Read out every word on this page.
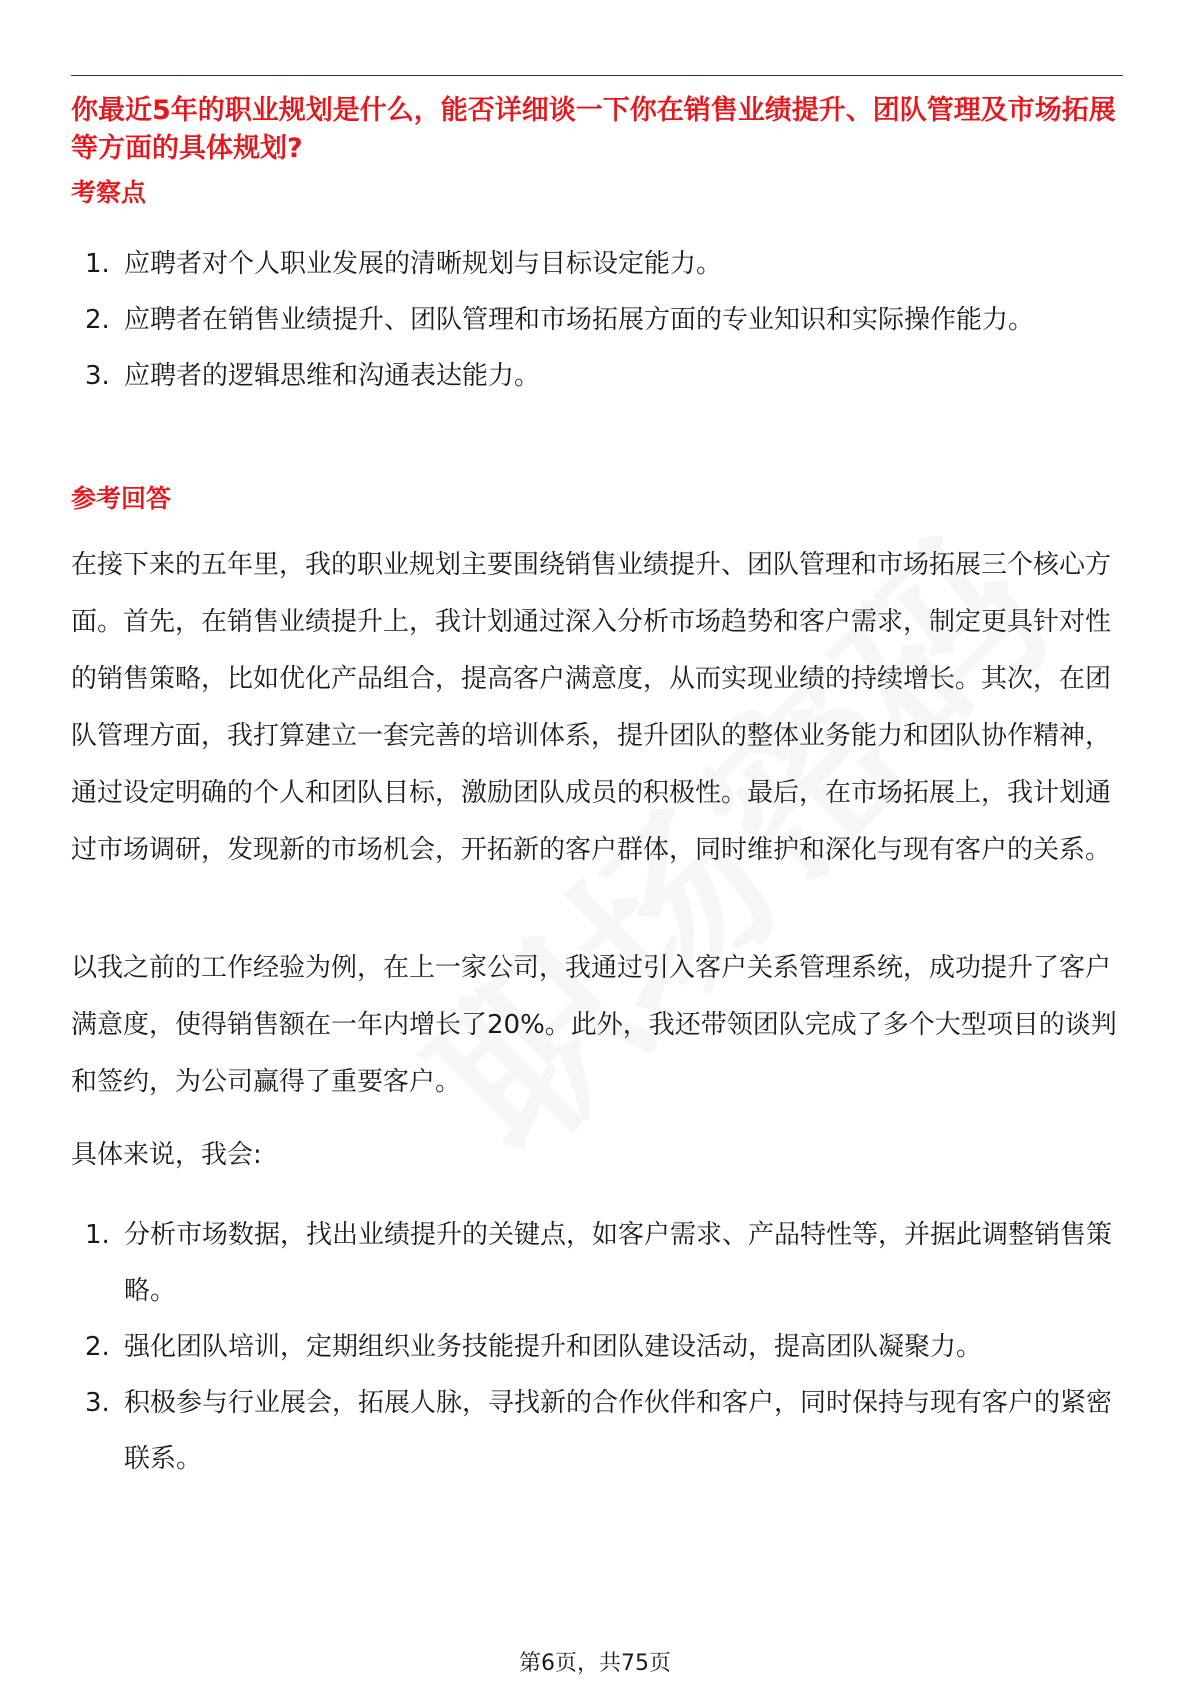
你最近5年的职业规划是什么，能否详细谈一下你在销售业绩提升、团队管理及市场拓展等方面的具体规划?
考察点
1. 应聘者对个人职业发展的清晰规划与目标设定能力。
2. 应聘者在销售业绩提升、团队管理和市场拓展方面的专业知识和实际操作能力。
3. 应聘者的逻辑思维和沟通表达能力。
参考回答

在接下来的五年里，我的职业规划主要围绕销售业绩提升、团队管理和市场拓展三个核心方面。首先，在销售业绩提升上，我计划通过深入分析市场趋势和客户需求，制定更具针对性的销售策略，比如优化产品组合，提高客户满意度，从而实现业绩的持续增长。其次，在团队管理方面，我打算建立一套完善的培训体系，提升团队的整体业务能力和团队协作精神，通过设定明确的个人和团队目标，激励团队成员的积极性。最后，在市场拓展上，我计划通过市场调研，发现新的市场机会，开拓新的客户群体，同时维护和深化与现有客户的关系。

以我之前的工作经验为例，在上一家公司，我通过引入客户关系管理系统，成功提升了客户满意度，使得销售额在一年内增长了20%。此外，我还带领团队完成了多个大型项目的谈判和签约，为公司赢得了重要客户。

具体来说，我会:

1. 分析市场数据，找出业绩提升的关键点，如客户需求、产品特性等，并据此调整销售策略。
2. 强化团队培训，定期组织业务技能提升和团队建设活动，提高团队凝聚力。
3. 积极参与行业展会，拓展人脉，寻找新的合作伙伴和客户，同时保持与现有客户的紧密联系。
第6页，共75页
